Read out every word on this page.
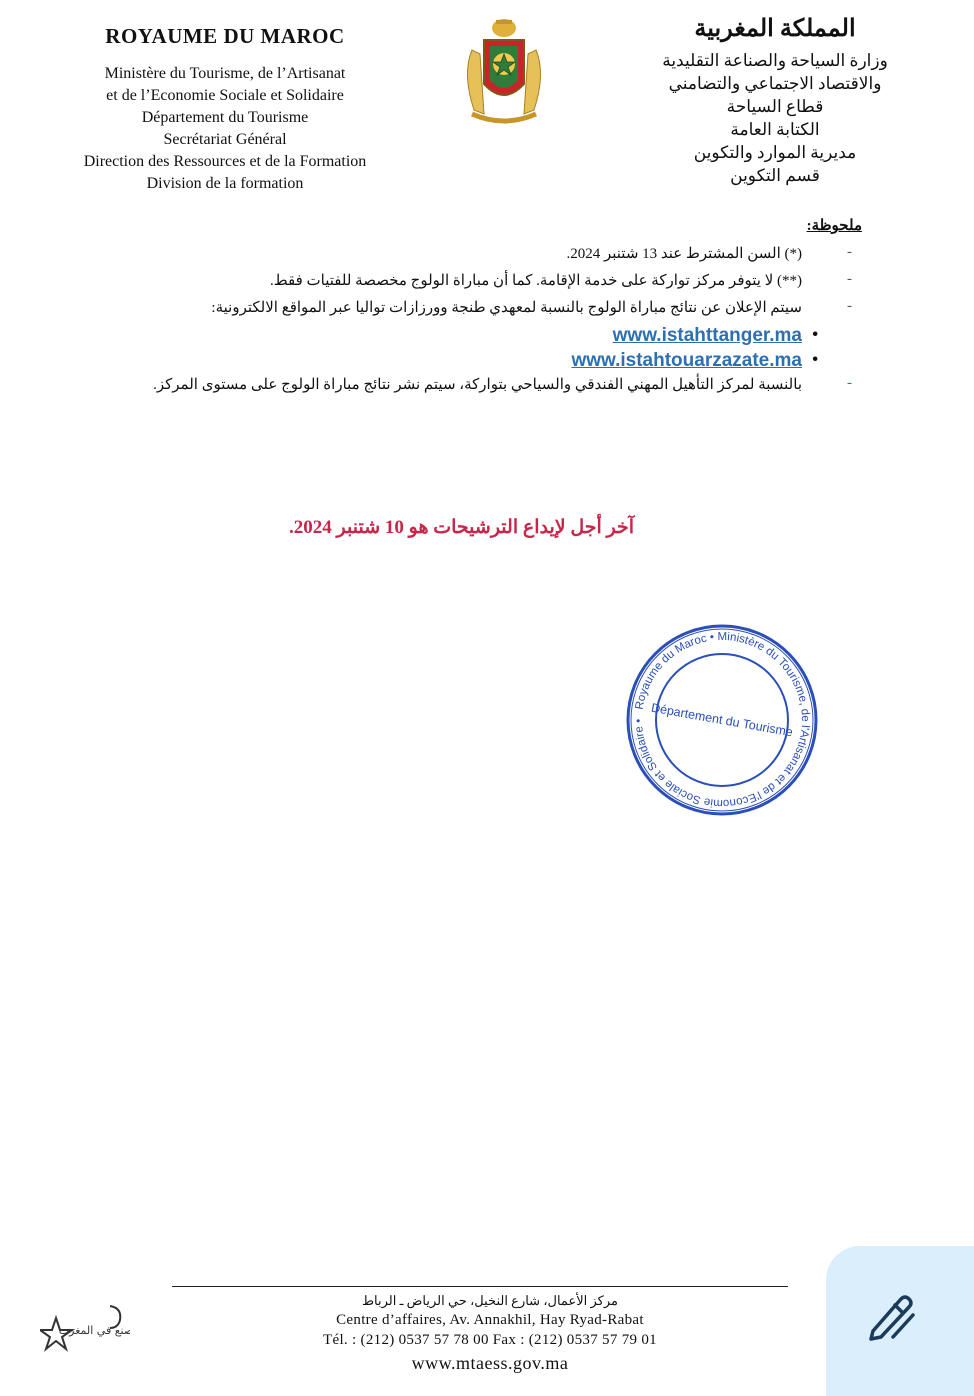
ROYAUME DU MAROC
Ministère du Tourisme, de l’Artisanat
et de l’Economie Sociale et Solidaire
Département du Tourisme
Secrétariat Général
Direction des Ressources et de la Formation
Division de la formation
المملكة المغربية
وزارة السياحة والصناعة التقليدية
والاقتصاد الاجتماعي والتضامني
قطاع السياحة
الكتابة العامة
مديرية الموارد والتكوين
قسم التكوين
ملحوظة:
-
(*) السن المشترط عند 13 شتنبر 2024.
-
(**) لا يتوفر مركز تواركة على خدمة الإقامة. كما أن مباراة الولوج مخصصة للفتيات فقط.
-
سيتم الإعلان عن نتائج مباراة الولوج بالنسبة لمعهدي طنجة وورزازات تواليا عبر المواقع الالكترونية:
www.istahttanger.ma •
www.istahtouarzazate.ma •
-
بالنسبة لمركز التأهيل المهني الفندقي والسياحي بتواركة، سيتم نشر نتائج مباراة الولوج على مستوى المركز.
آخر أجل لإيداع الترشيحات هو 10 شتنبر 2024.
Royaume du Maroc • Ministère du Tourisme, de l'Artisanat et de l'Economie Sociale et Solidaire • Département du Tourisme
مركز الأعمال، شارع النخيل، حي الرياض ـ الرباط
Centre d’affaires, Av. Annakhil, Hay Ryad-Rabat
Tél. : (212) 0537 57 78 00 Fax : (212) 0537 57 79 01
www.mtaess.gov.ma
صنع في المغرب
